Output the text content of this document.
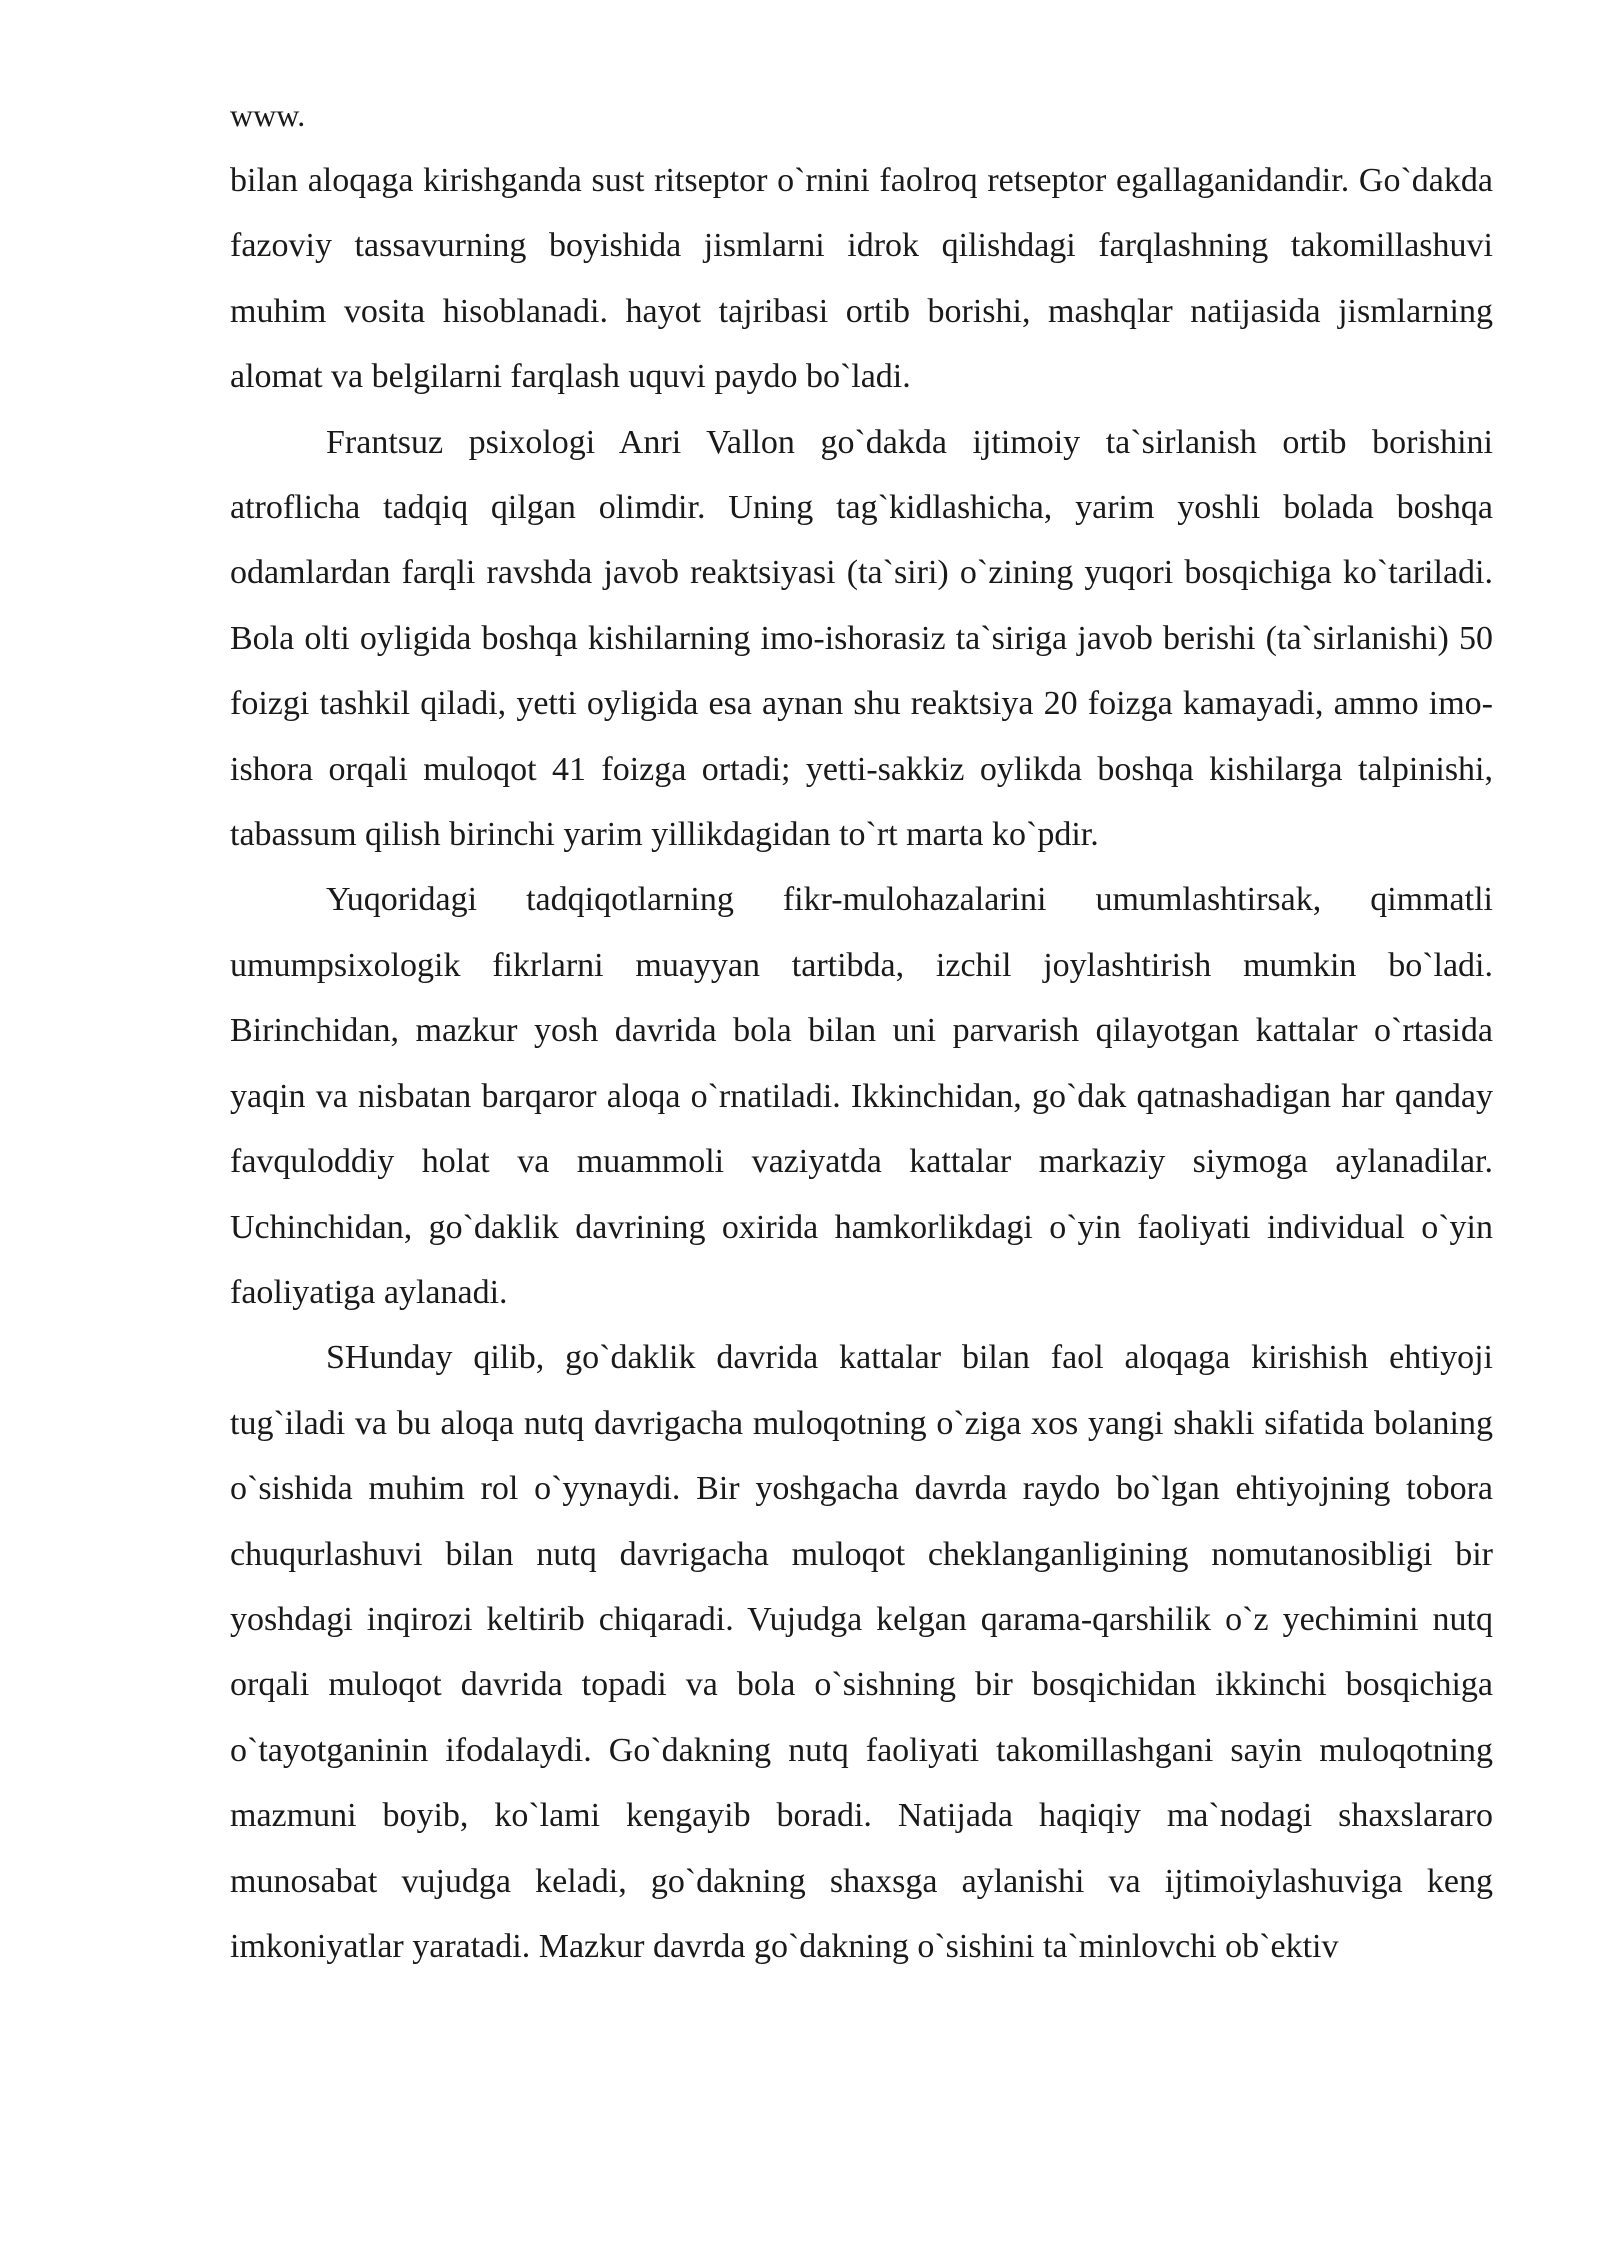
www.

bilan aloqaga kirishganda sust ritseptor o`rnini faolroq retseptor egallaganidandir. Go`dakda fazoviy tassavurning boyishida jismlarni idrok qilishdagi farqlashning takomillashuvi muhim vosita hisoblanadi. hayot tajribasi ortib borishi, mashqlar natijasida jismlarning alomat va belgilarni farqlash uquvi paydo bo`ladi.

Frantsuz psixologi Anri Vallon go`dakda ijtimoiy ta`sirlanish ortib borishini atroflicha tadqiq qilgan olimdir. Uning tag`kidlashicha, yarim yoshli bolada boshqa odamlardan farqli ravshda javob reaktsiyasi (ta`siri) o`zining yuqori bosqichiga ko`tariladi. Bola olti oyligida boshqa kishilarning imo-ishorasiz ta`siriga javob berishi (ta`sirlanishi) 50 foizgi tashkil qiladi, yetti oyligida esa aynan shu reaktsiya 20 foizga kamayadi, ammo imo-ishora orqali muloqot 41 foizga ortadi; yetti-sakkiz oylikda boshqa kishilarga talpinishi, tabassum qilish birinchi yarim yillikdagidan to`rt marta ko`pdir.

Yuqoridagi tadqiqotlarning fikr-mulohazalarini umumlashtirsak, qimmatli umumpsixologik fikrlarni muayyan tartibda, izchil joylashtirish mumkin bo`ladi. Birinchidan, mazkur yosh davrida bola bilan uni parvarish qilayotgan kattalar o`rtasida yaqin va nisbatan barqaror aloqa o`rnatiladi. Ikkinchidan, go`dak qatnashadigan har qanday favquloddiy holat va muammoli vaziyatda kattalar markaziy siymoga aylanadilar. Uchinchidan, go`daklik davrining oxirida hamkorlikdagi o`yin faoliyati individual o`yin faoliyatiga aylanadi.

SHunday qilib, go`daklik davrida kattalar bilan faol aloqaga kirishish ehtiyoji tug`iladi va bu aloqa nutq davrigacha muloqotning o`ziga xos yangi shakli sifatida bolaning o`sishida muhim rol o`yynaydi. Bir yoshgacha davrda raydo bo`lgan ehtiyojning tobora chuqurlashuvi bilan nutq davrigacha muloqot cheklanganligining nomutanosibligi bir yoshdagi inqirozi keltirib chiqaradi. Vujudga kelgan qarama-qarshilik o`z yechimini nutq orqali muloqot davrida topadi va bola o`sishning bir bosqichidan ikkinchi bosqichiga o`tayotganinin ifodalaydi. Go`dakning nutq faoliyati takomillashgani sayin muloqotning mazmuni boyib, ko`lami kengayib boradi. Natijada haqiqiy ma`nodagi shaxslararo munosabat vujudga keladi, go`dakning shaxsga aylanishi va ijtimoiylashuviga keng imkoniyatlar yaratadi. Mazkur davrda go`dakning o`sishini ta`minlovchi ob`ektiv
